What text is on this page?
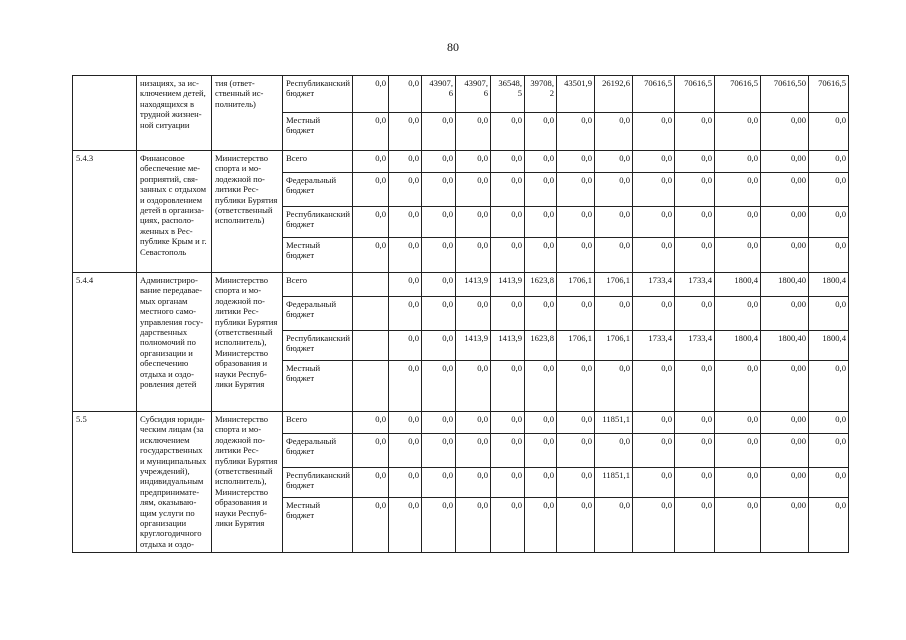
80
	низациях, за исключением детей, находящихся в трудной жизненной ситуации	тия (ответственный исполнитель)	Республиканский бюджет	0,0	0,0	43907, 6	43907, 6	36548, 5	39708, 2	43501,9	26192,6	70616,5	70616,5	70616,5	70616,50	70616,5
			Местный бюджет	0,0	0,0	0,0	0,0	0,0	0,0	0,0	0,0	0,0	0,0	0,0	0,00	0,0
5.4.3	Финансовое обеспечение мероприятий, связанных с отдыхом и оздоровлением детей в организациях, расположенных в Республике Крым и г. Севастополь	Министерство спорта и молодежной политики Республики Бурятия (ответственный исполнитель)	Всего	0,0	0,0	0,0	0,0	0,0	0,0	0,0	0,0	0,0	0,0	0,0	0,00	0,0
			Федеральный бюджет	0,0	0,0	0,0	0,0	0,0	0,0	0,0	0,0	0,0	0,0	0,0	0,00	0,0
			Республиканский бюджет	0,0	0,0	0,0	0,0	0,0	0,0	0,0	0,0	0,0	0,0	0,0	0,00	0,0
			Местный бюджет	0,0	0,0	0,0	0,0	0,0	0,0	0,0	0,0	0,0	0,0	0,0	0,00	0,0
5.4.4	Администрирование передаваемых органам местного самоуправления государственных полномочий по организации и обеспечению отдыха и оздоровления детей	Министерство спорта и молодежной политики Республики Бурятия (ответственный исполнитель), Министерство образования и науки Республики Бурятия	Всего		0,0	0,0	1413,9	1413,9	1623,8	1706,1	1706,1	1733,4	1733,4	1800,4	1800,40	1800,4
			Федеральный бюджет		0,0	0,0	0,0	0,0	0,0	0,0	0,0	0,0	0,0	0,0	0,00	0,0
			Республиканский бюджет		0,0	0,0	1413,9	1413,9	1623,8	1706,1	1706,1	1733,4	1733,4	1800,4	1800,40	1800,4
			Местный бюджет		0,0	0,0	0,0	0,0	0,0	0,0	0,0	0,0	0,0	0,0	0,00	0,0
5.5	Субсидия юридическим лицам (за исключением государственных и муниципальных учреждений), индивидуальным предпринимателям, оказывающим услуги по организации круглогодичного отдыха и оздо-	Министерство спорта и молодежной политики Республики Бурятия (ответственный исполнитель), Министерство образования и науки Республики Бурятия	Всего	0,0	0,0	0,0	0,0	0,0	0,0	0,0	11851,1	0,0	0,0	0,0	0,00	0,0
			Федеральный бюджет	0,0	0,0	0,0	0,0	0,0	0,0	0,0	0,0	0,0	0,0	0,0	0,00	0,0
			Республиканский бюджет	0,0	0,0	0,0	0,0	0,0	0,0	0,0	11851,1	0,0	0,0	0,0	0,00	0,0
			Местный бюджет	0,0	0,0	0,0	0,0	0,0	0,0	0,0	0,0	0,0	0,0	0,0	0,00	0,0
